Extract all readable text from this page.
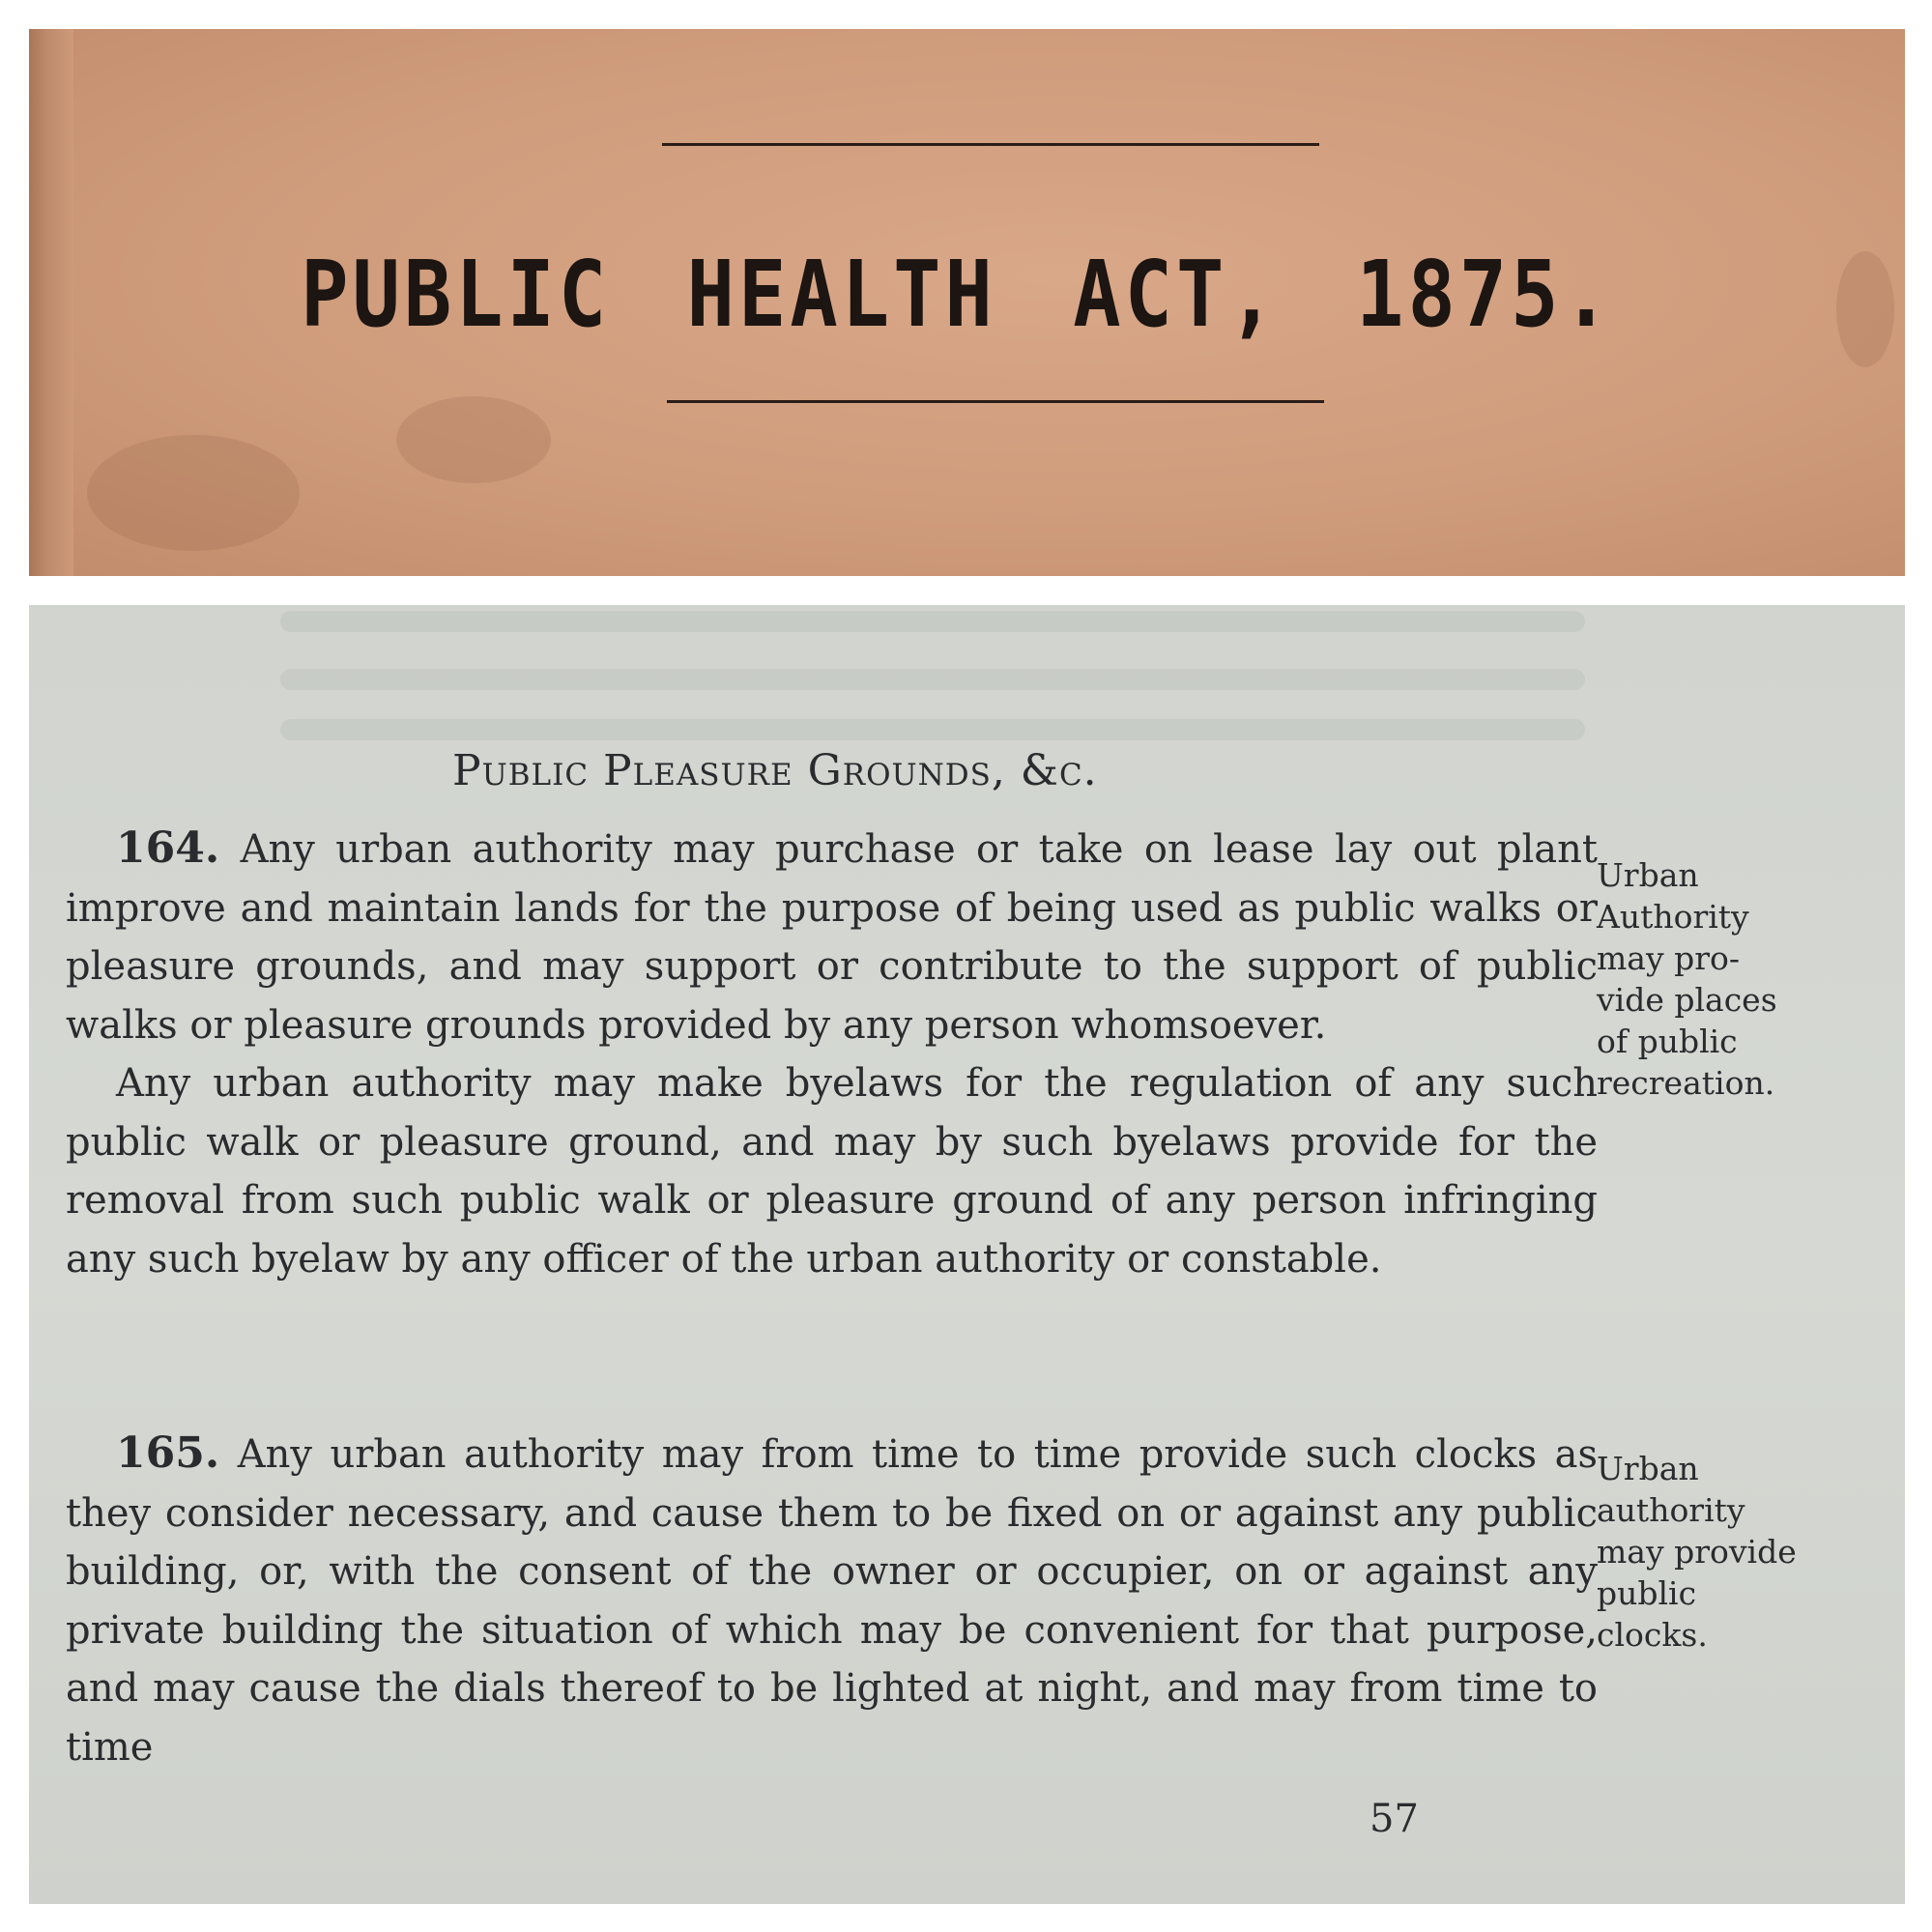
PUBLIC HEALTH ACT, 1875.
Public Pleasure Grounds, &c.

164. Any urban authority may purchase or take on lease lay out plant improve and maintain lands for the purpose of being used as public walks or pleasure grounds, and may support or contribute to the support of public walks or pleasure grounds provided by any person whomsoever.

Any urban authority may make byelaws for the regulation of any such public walk or pleasure ground, and may by such byelaws provide for the removal from such public walk or pleasure ground of any person infringing any such byelaw by any officer of the urban authority or constable.

Urban
Authority
may pro-
vide places
of public
recreation.

165. Any urban authority may from time to time provide such clocks as they consider necessary, and cause them to be fixed on or against any public building, or, with the consent of the owner or occupier, on or against any private building the situation of which may be convenient for that purpose, and may cause the dials thereof to be lighted at night, and may from time to time

Urban
authority
may provide
public
clocks.
57
